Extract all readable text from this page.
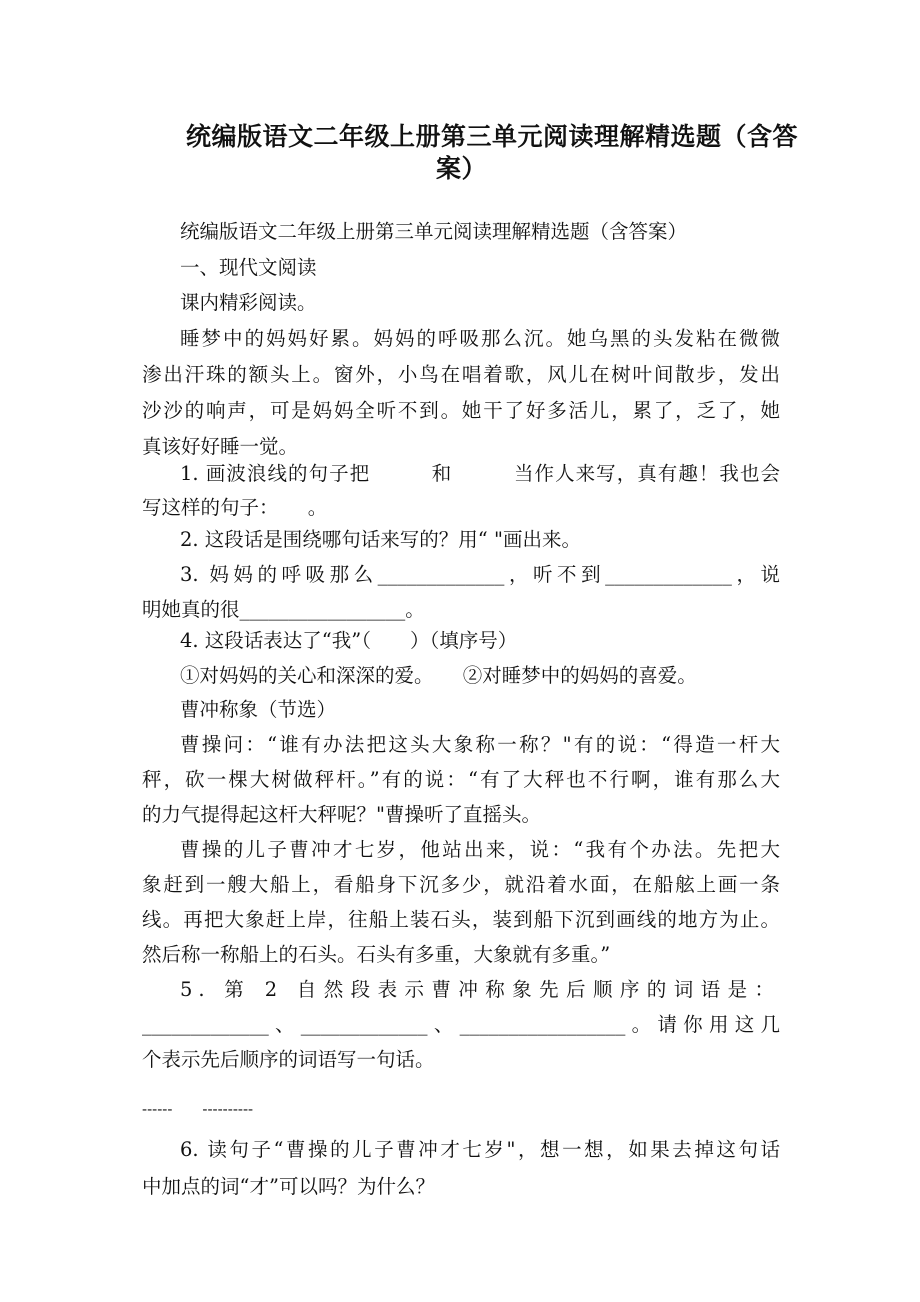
统编版语文二年级上册第三单元阅读理解精选题（含答
案）
统编版语文二年级上册第三单元阅读理解精选题（含答案）
一、现代文阅读
课内精彩阅读。
睡梦中的妈妈好累。妈妈的呼吸那么沉。她乌黑的头发粘在微微
渗出汗珠的额头上。窗外，小鸟在唱着歌，风儿在树叶间散步，发出
沙沙的响声，可是妈妈全听不到。她干了好多活儿，累了，乏了，她
真该好好睡一觉。
1. 画波浪线的句子把　　　和　　　当作人来写，真有趣！我也会
写这样的句子：　　。
2. 这段话是围绕哪句话来写的？用“ "画出来。
3. 妈妈的呼吸那么_____________，听不到_____________，说
明她真的很_________________。
4. 这段话表达了“我”（　　）（填序号）
①对妈妈的关心和深深的爱。　　②对睡梦中的妈妈的喜爱。
曹冲称象（节选）
曹操问：“谁有办法把这头大象称一称？"有的说：“得造一杆大
秤，砍一棵大树做秤杆。”有的说：“有了大秤也不行啊，谁有那么大
的力气提得起这杆大秤呢？"曹操听了直摇头。
曹操的儿子曹冲才七岁，他站出来，说：“我有个办法。先把大
象赶到一艘大船上，看船身下沉多少，就沿着水面，在船舷上画一条
线。再把大象赶上岸，往船上装石头，装到船下沉到画线的地方为止。
然后称一称船上的石头。石头有多重，大象就有多重。”
5. 第 2 自然段表示曹冲称象先后顺序的词语是：
_____________、_____________、_________________。请你用这几
个表示先后顺序的词语写一句话。
------　　----------
6. 读句子“曹操的儿子曹冲才七岁"，想一想，如果去掉这句话
中加点的词“才”可以吗？为什么？
